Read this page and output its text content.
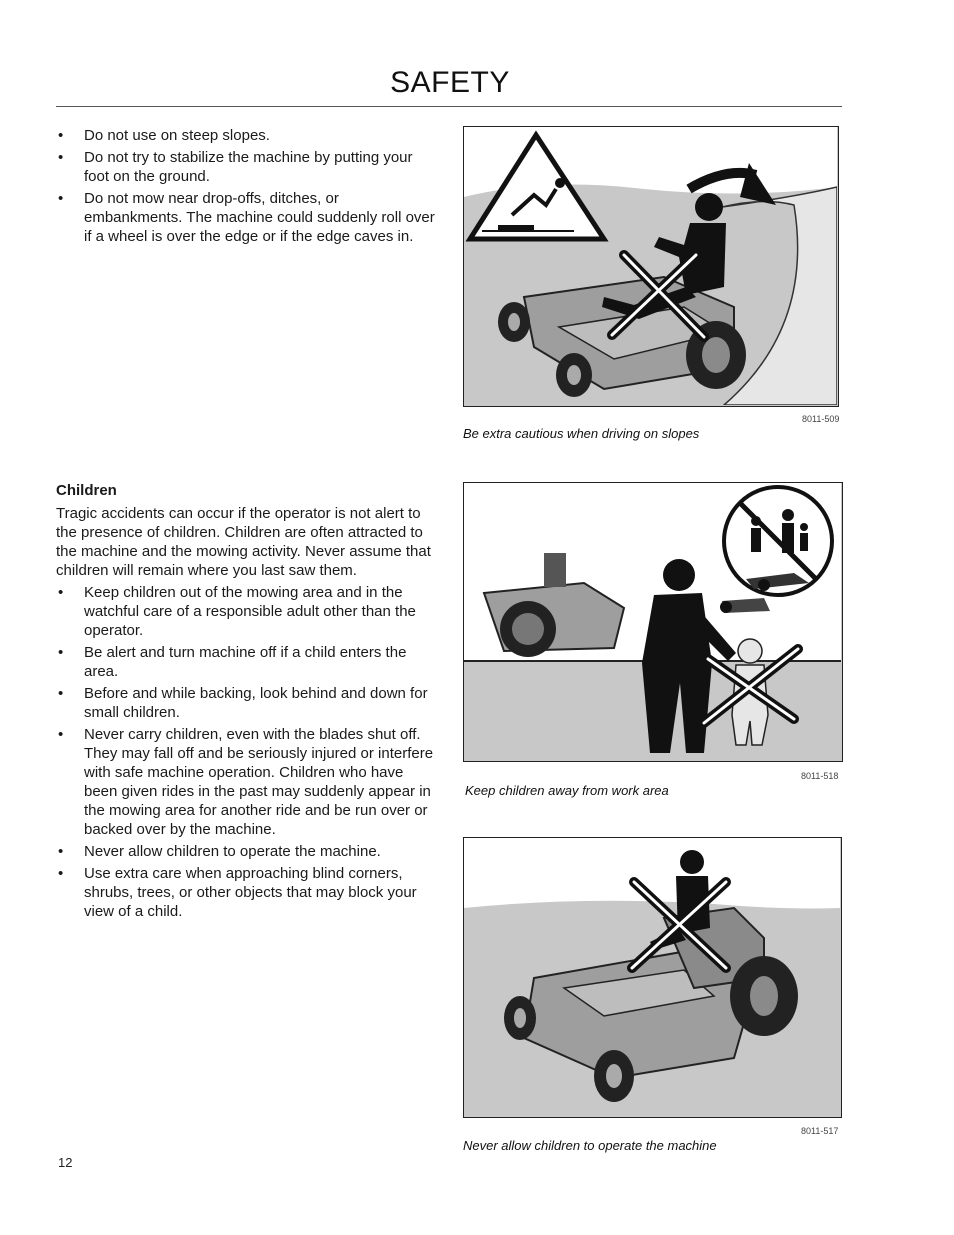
SAFETY
• Do not use on steep slopes.
• Do not try to stabilize the machine by putting your foot on the ground.
• Do not mow near drop-offs, ditches, or embankments. The machine could suddenly roll over if a wheel is over the edge or if the edge caves in.
Children

Tragic accidents can occur if the operator is not alert to the presence of children. Children are often attracted to the machine and the mowing activity. Never assume that children will remain where you last saw them.

• Keep children out of the mowing area and in the watchful care of a responsible adult other than the operator.
• Be alert and turn machine off if a child enters the area.
• Before and while backing, look behind and down for small children.
• Never carry children, even with the blades shut off. They may fall off and be seriously injured or interfere with safe machine operation. Children who have been given rides in the past may suddenly appear in the mowing area for another ride and be run over or backed over by the machine.
• Never allow children to operate the machine.
• Use extra care when approaching blind corners, shrubs, trees, or other objects that may block your view of a child.
8011-509
Be extra cautious when driving on slopes
8011-518
Keep children away from work area
8011-517
Never allow children to operate the machine
12
